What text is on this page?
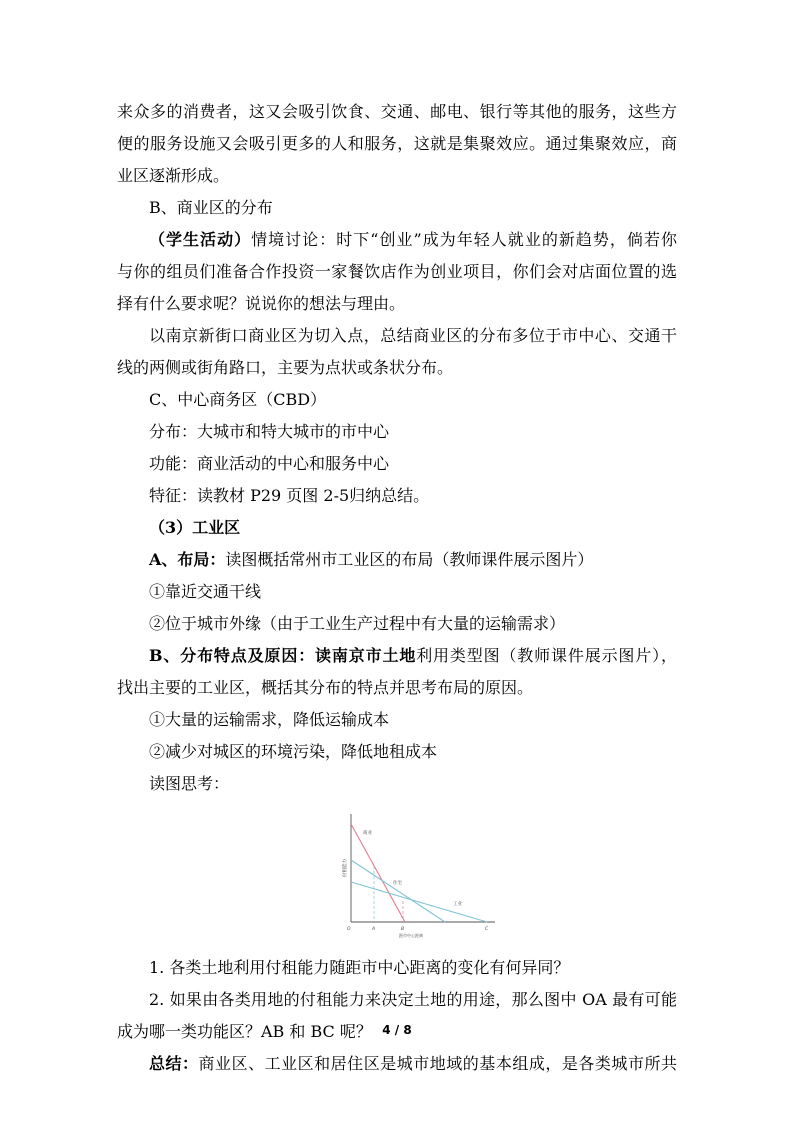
来众多的消费者，这又会吸引饮食、交通、邮电、银行等其他的服务，这些方

便的服务设施又会吸引更多的人和服务，这就是集聚效应。通过集聚效应，商

业区逐渐形成。

B、商业区的分布

（学生活动）情境讨论：时下“创业”成为年轻人就业的新趋势，倘若你

与你的组员们准备合作投资一家餐饮店作为创业项目，你们会对店面位置的选

择有什么要求呢？说说你的想法与理由。

以南京新街口商业区为切入点，总结商业区的分布多位于市中心、交通干

线的两侧或街角路口，主要为点状或条状分布。

C、中心商务区（CBD）

分布：大城市和特大城市的市中心

功能：商业活动的中心和服务中心

特征：读教材 P29 页图 2-5归纳总结。

（3）工业区

A、布局：读图概括常州市工业区的布局（教师课件展示图片）

①靠近交通干线

②位于城市外缘（由于工业生产过程中有大量的运输需求）

B、分布特点及原因：读南京市土地利用类型图（教师课件展示图片），

找出主要的工业区，概括其分布的特点并思考布局的原因。

①大量的运输需求，降低运输成本

②减少对城区的环境污染，降低地租成本

读图思考：

付租能力
商业
住宅
工业
O	A	B	C
距市中心距离

1. 各类土地利用付租能力随距市中心距离的变化有何异同？

2. 如果由各类用地的付租能力来决定土地的用途，那么图中 OA 最有可能

成为哪一类功能区？AB 和 BC 呢？

总结：商业区、工业区和居住区是城市地域的基本组成，是各类城市所共

4 / 8
